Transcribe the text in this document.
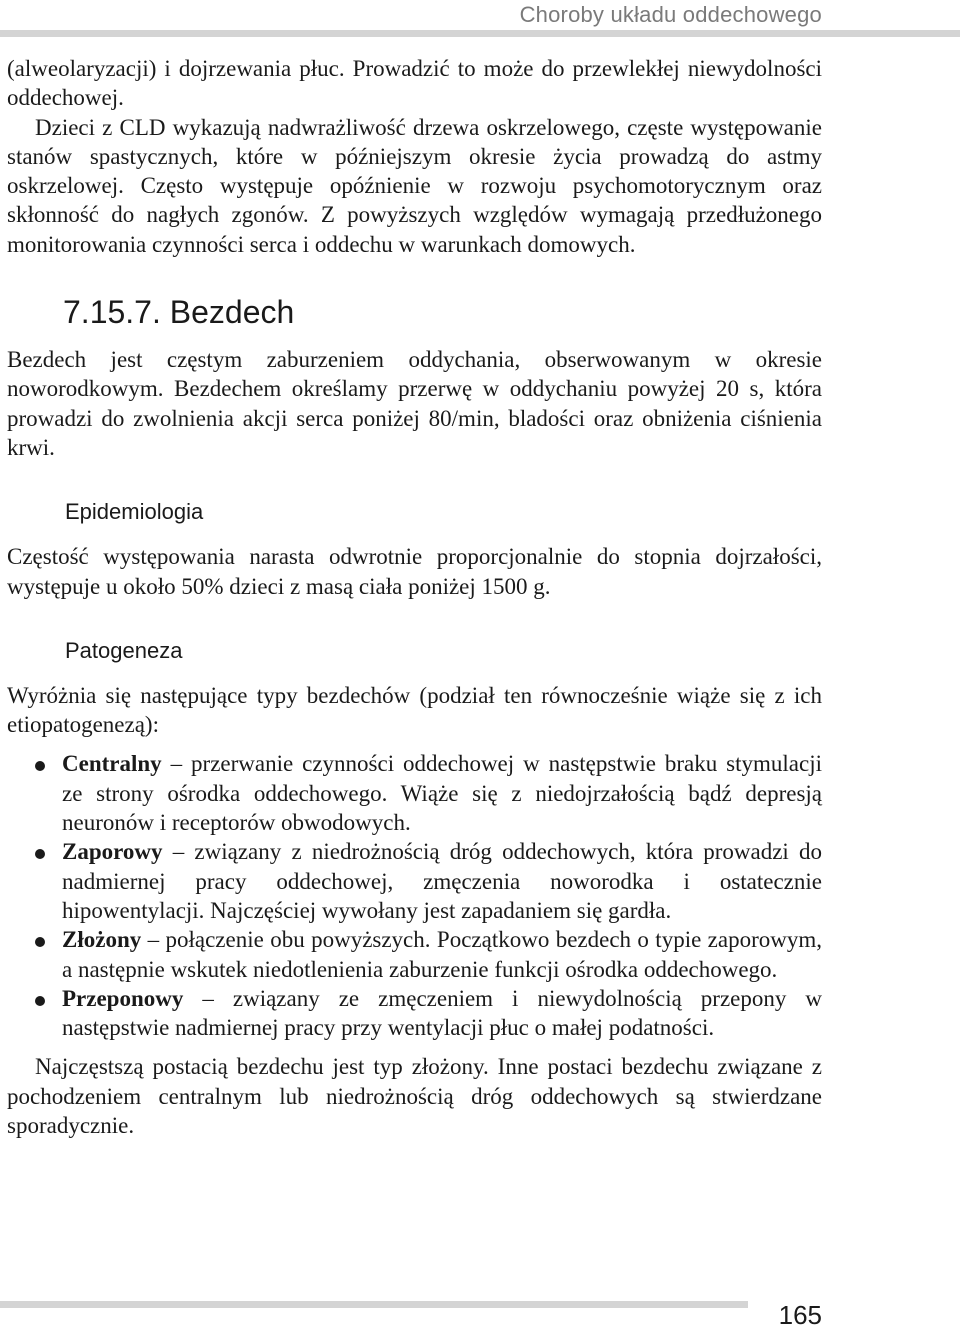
Choroby układu oddechowego

(alweolaryzacji) i dojrzewania płuc. Prowadzić to może do przewlekłej niewydolności oddechowej.

Dzieci z CLD wykazują nadwrażliwość drzewa oskrzelowego, częste występowanie stanów spastycznych, które w późniejszym okresie życia prowadzą do astmy oskrzelowej. Często występuje opóźnienie w rozwoju psychomotorycznym oraz skłonność do nagłych zgonów. Z powyższych względów wymagają przedłużonego monitorowania czynności serca i oddechu w warunkach domowych.

7.15.7. Bezdech

Bezdech jest częstym zaburzeniem oddychania, obserwowanym w okresie noworodkowym. Bezdechem określamy przerwę w oddychaniu powyżej 20 s, która prowadzi do zwolnienia akcji serca poniżej 80/min, bladości oraz obniżenia ciśnienia krwi.

Epidemiologia

Częstość występowania narasta odwrotnie proporcjonalnie do stopnia dojrzałości, występuje u około 50% dzieci z masą ciała poniżej 1500 g.

Patogeneza

Wyróżnia się następujące typy bezdechów (podział ten równocześnie wiąże się z ich etiopatogenezą):

Centralny – przerwanie czynności oddechowej w następstwie braku stymulacji ze strony ośrodka oddechowego. Wiąże się z niedojrzałością bądź depresją neuronów i receptorów obwodowych.
Zaporowy – związany z niedrożnością dróg oddechowych, która prowadzi do nadmiernej pracy oddechowej, zmęczenia noworodka i ostatecznie hipowentylacji. Najczęściej wywołany jest zapadaniem się gardła.
Złożony – połączenie obu powyższych. Początkowo bezdech o typie zaporowym, a następnie wskutek niedotlenienia zaburzenie funkcji ośrodka oddechowego.
Przeponowy – związany ze zmęczeniem i niewydolnością przepony w następstwie nadmiernej pracy przy wentylacji płuc o małej podatności.

Najczęstszą postacią bezdechu jest typ złożony. Inne postaci bezdechu związane z pochodzeniem centralnym lub niedrożnością dróg oddechowych są stwierdzane sporadycznie.

165
